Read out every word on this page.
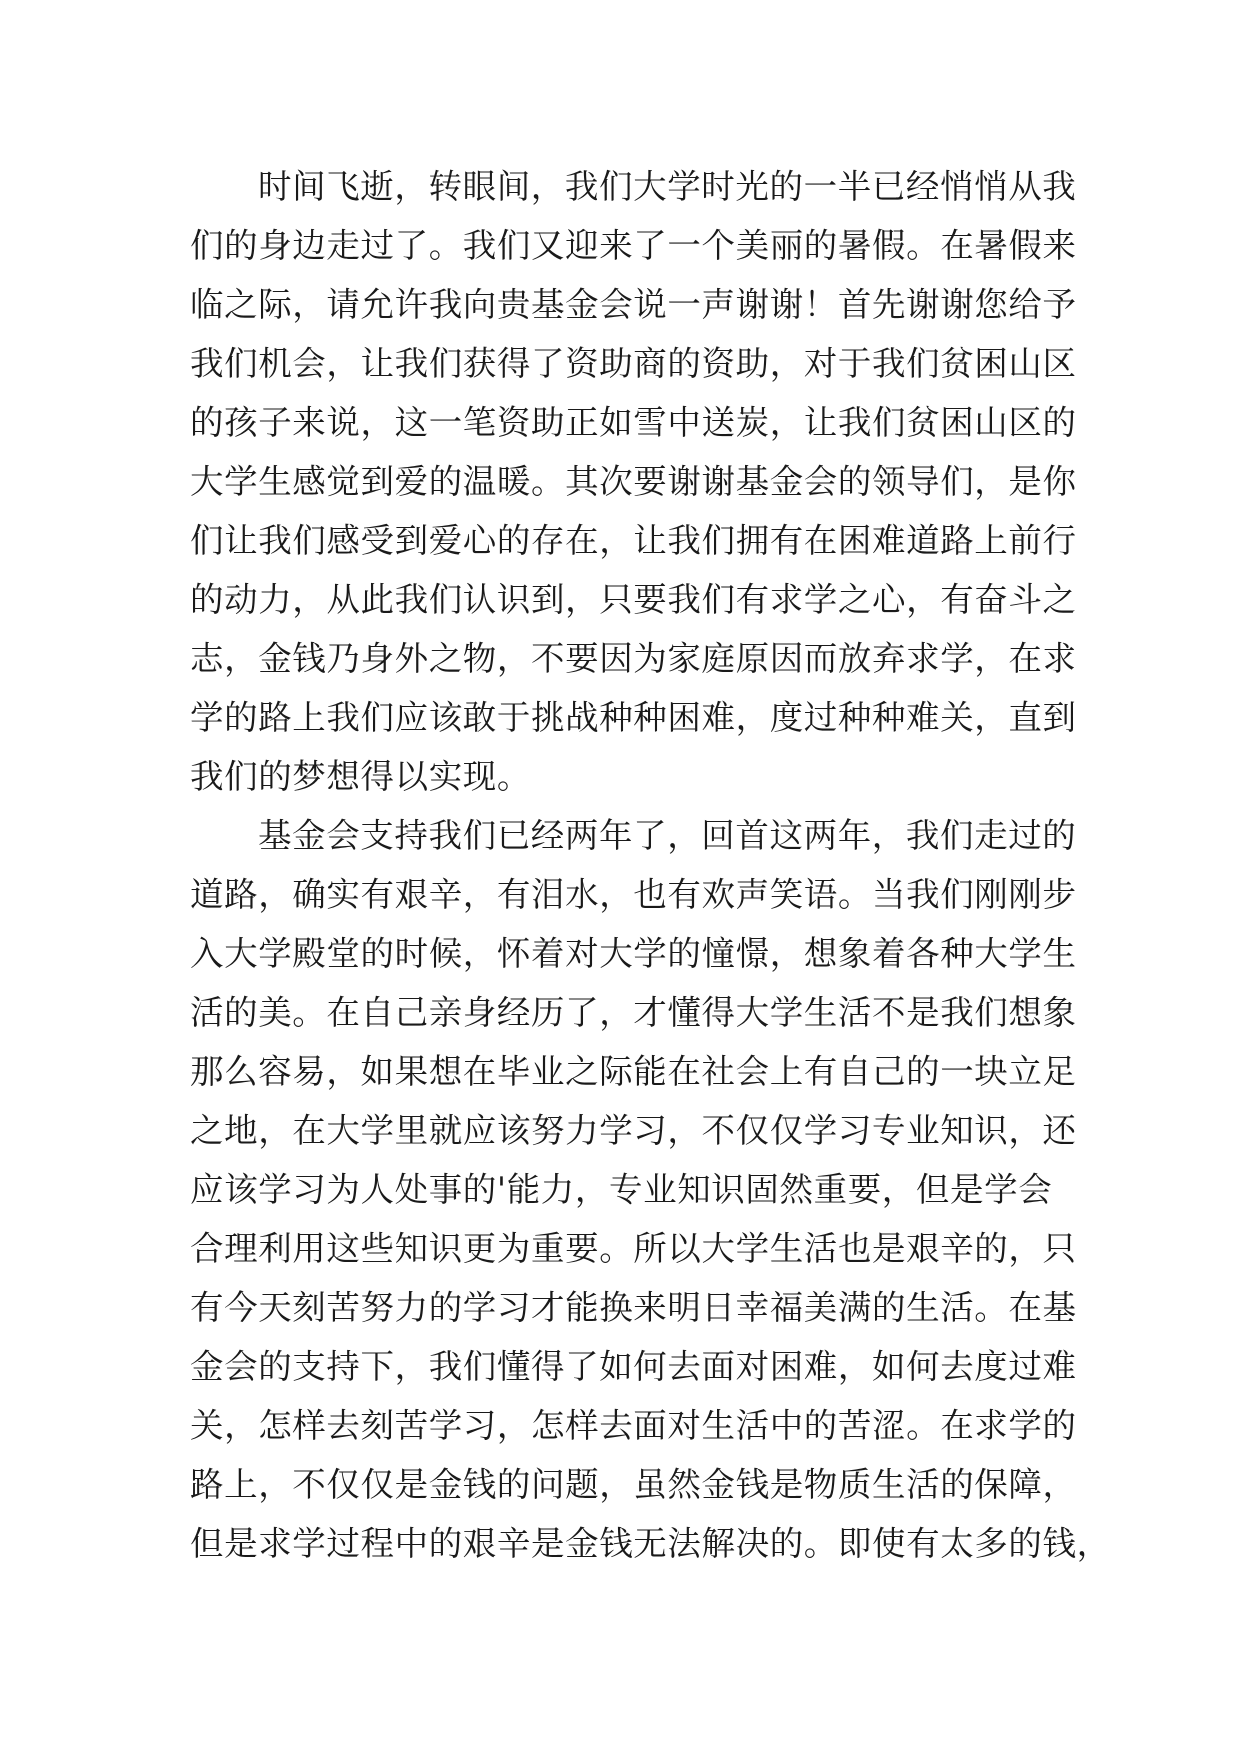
时间飞逝，转眼间，我们大学时光的一半已经悄悄从我
们的身边走过了。我们又迎来了一个美丽的暑假。在暑假来
临之际，请允许我向贵基金会说一声谢谢！首先谢谢您给予
我们机会，让我们获得了资助商的资助，对于我们贫困山区
的孩子来说，这一笔资助正如雪中送炭，让我们贫困山区的
大学生感觉到爱的温暖。其次要谢谢基金会的领导们，是你
们让我们感受到爱心的存在，让我们拥有在困难道路上前行
的动力，从此我们认识到，只要我们有求学之心，有奋斗之
志，金钱乃身外之物，不要因为家庭原因而放弃求学，在求
学的路上我们应该敢于挑战种种困难，度过种种难关，直到
我们的梦想得以实现。
基金会支持我们已经两年了，回首这两年，我们走过的
道路，确实有艰辛，有泪水，也有欢声笑语。当我们刚刚步
入大学殿堂的时候，怀着对大学的憧憬，想象着各种大学生
活的美。在自己亲身经历了，才懂得大学生活不是我们想象
那么容易，如果想在毕业之际能在社会上有自己的一块立足
之地，在大学里就应该努力学习，不仅仅学习专业知识，还
应该学习为人处事的'能力，专业知识固然重要，但是学会
合理利用这些知识更为重要。所以大学生活也是艰辛的，只
有今天刻苦努力的学习才能换来明日幸福美满的生活。在基
金会的支持下，我们懂得了如何去面对困难，如何去度过难
关，怎样去刻苦学习，怎样去面对生活中的苦涩。在求学的
路上，不仅仅是金钱的问题，虽然金钱是物质生活的保障，
但是求学过程中的艰辛是金钱无法解决的。即使有太多的钱，
